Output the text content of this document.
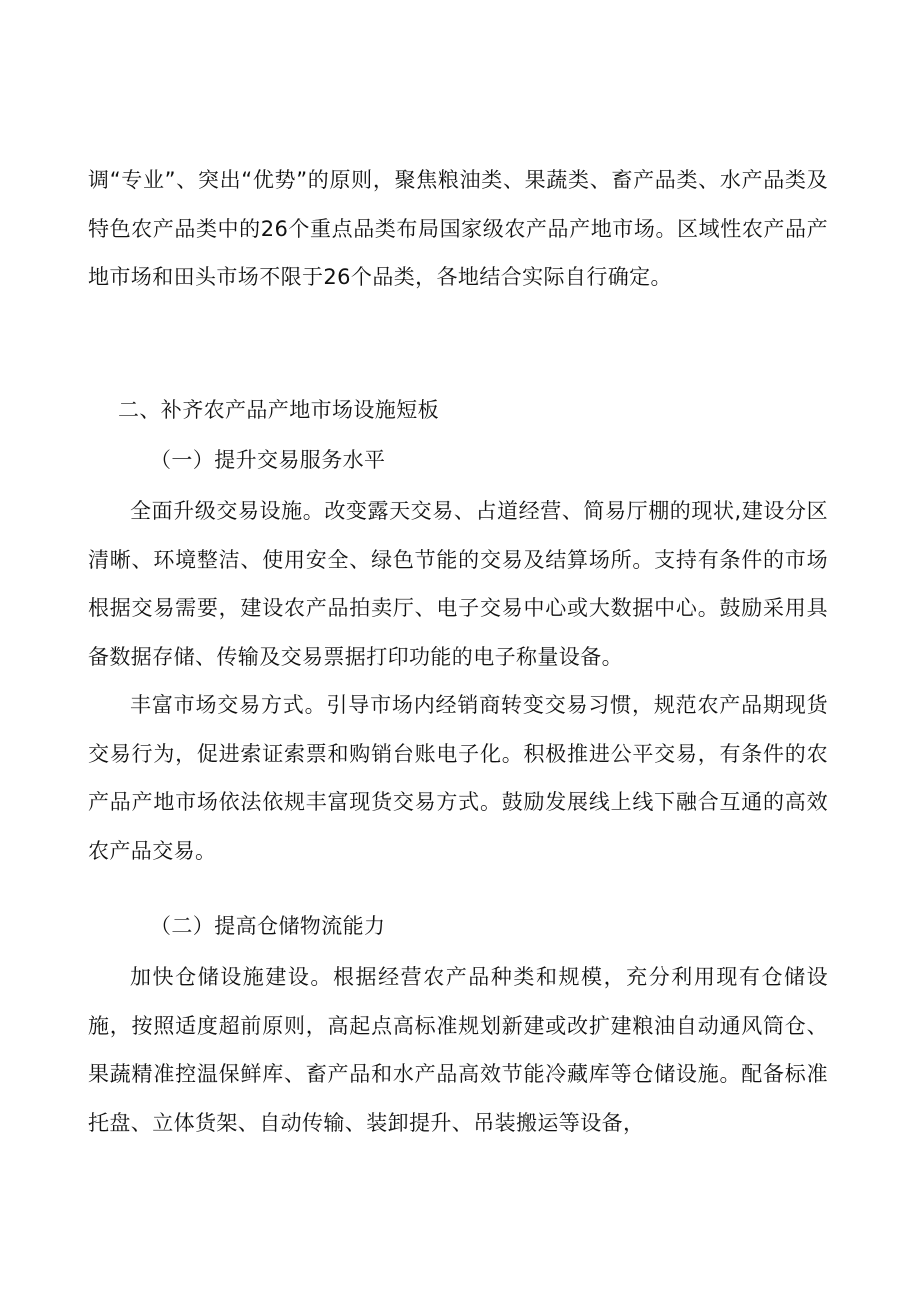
调“专业”、突出“优势”的原则，聚焦粮油类、果蔬类、畜产品类、水产品类及特色农产品类中的26个重点品类布局国家级农产品产地市场。区域性农产品产地市场和田头市场不限于26个品类，各地结合实际自行确定。

二、补齐农产品产地市场设施短板
（一）提升交易服务水平

全面升级交易设施。改变露天交易、占道经营、简易厅棚的现状,建设分区清晰、环境整洁、使用安全、绿色节能的交易及结算场所。支持有条件的市场根据交易需要，建设农产品拍卖厅、电子交易中心或大数据中心。鼓励采用具备数据存储、传输及交易票据打印功能的电子称量设备。

丰富市场交易方式。引导市场内经销商转变交易习惯，规范农产品期现货交易行为，促进索证索票和购销台账电子化。积极推进公平交易，有条件的农产品产地市场依法依规丰富现货交易方式。鼓励发展线上线下融合互通的高效农产品交易。

（二）提高仓储物流能力

加快仓储设施建设。根据经营农产品种类和规模，充分利用现有仓储设施，按照适度超前原则，高起点高标准规划新建或改扩建粮油自动通风筒仓、果蔬精准控温保鲜库、畜产品和水产品高效节能冷藏库等仓储设施。配备标准托盘、立体货架、自动传输、装卸提升、吊装搬运等设备，
